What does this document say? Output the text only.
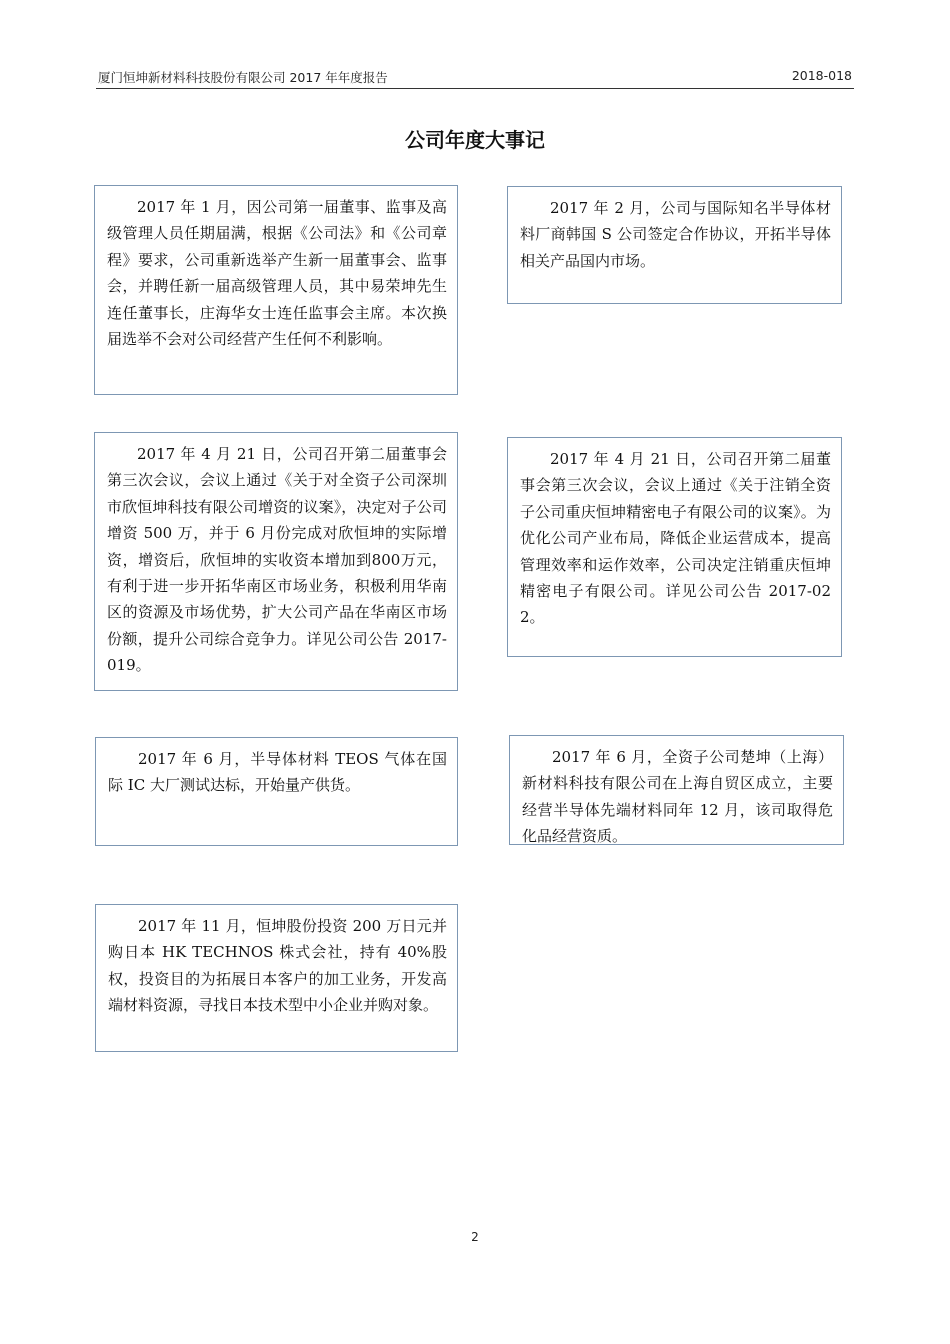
厦门恒坤新材料科技股份有限公司 2017 年年度报告	2018-018
公司年度大事记
2017 年 1 月，因公司第一届董事、监事及高级管理人员任期届满，根据《公司法》和《公司章程》要求，公司重新选举产生新一届董事会、监事会，并聘任新一届高级管理人员，其中易荣坤先生连任董事长，庄海华女士连任监事会主席。本次换届选举不会对公司经营产生任何不利影响。
2017 年 2 月，公司与国际知名半导体材料厂商韩国 S 公司签定合作协议，开拓半导体相关产品国内市场。
2017 年 4 月 21 日，公司召开第二届董事会第三次会议，会议上通过《关于对全资子公司深圳市欣恒坤科技有限公司增资的议案》，决定对子公司增资 500 万，并于 6 月份完成对欣恒坤的实际增资，增资后，欣恒坤的实收资本增加到800万元，有利于进一步开拓华南区市场业务，积极利用华南区的资源及市场优势，扩大公司产品在华南区市场份额，提升公司综合竞争力。详见公司公告 2017-019。
2017 年 4 月 21 日，公司召开第二届董事会第三次会议，会议上通过《关于注销全资子公司重庆恒坤精密电子有限公司的议案》。为优化公司产业布局，降低企业运营成本，提高管理效率和运作效率，公司决定注销重庆恒坤精密电子有限公司。详见公司公告 2017-022。
2017 年 6 月，半导体材料 TEOS 气体在国际 IC 大厂测试达标，开始量产供货。
2017 年 6 月，全资子公司楚坤（上海）新材料科技有限公司在上海自贸区成立，主要经营半导体先端材料同年 12 月，该司取得危化品经营资质。
2017 年 11 月，恒坤股份投资 200 万日元并购日本 HK TECHNOS 株式会社，持有 40%股权，投资目的为拓展日本客户的加工业务，开发高端材料资源，寻找日本技术型中小企业并购对象。
2
